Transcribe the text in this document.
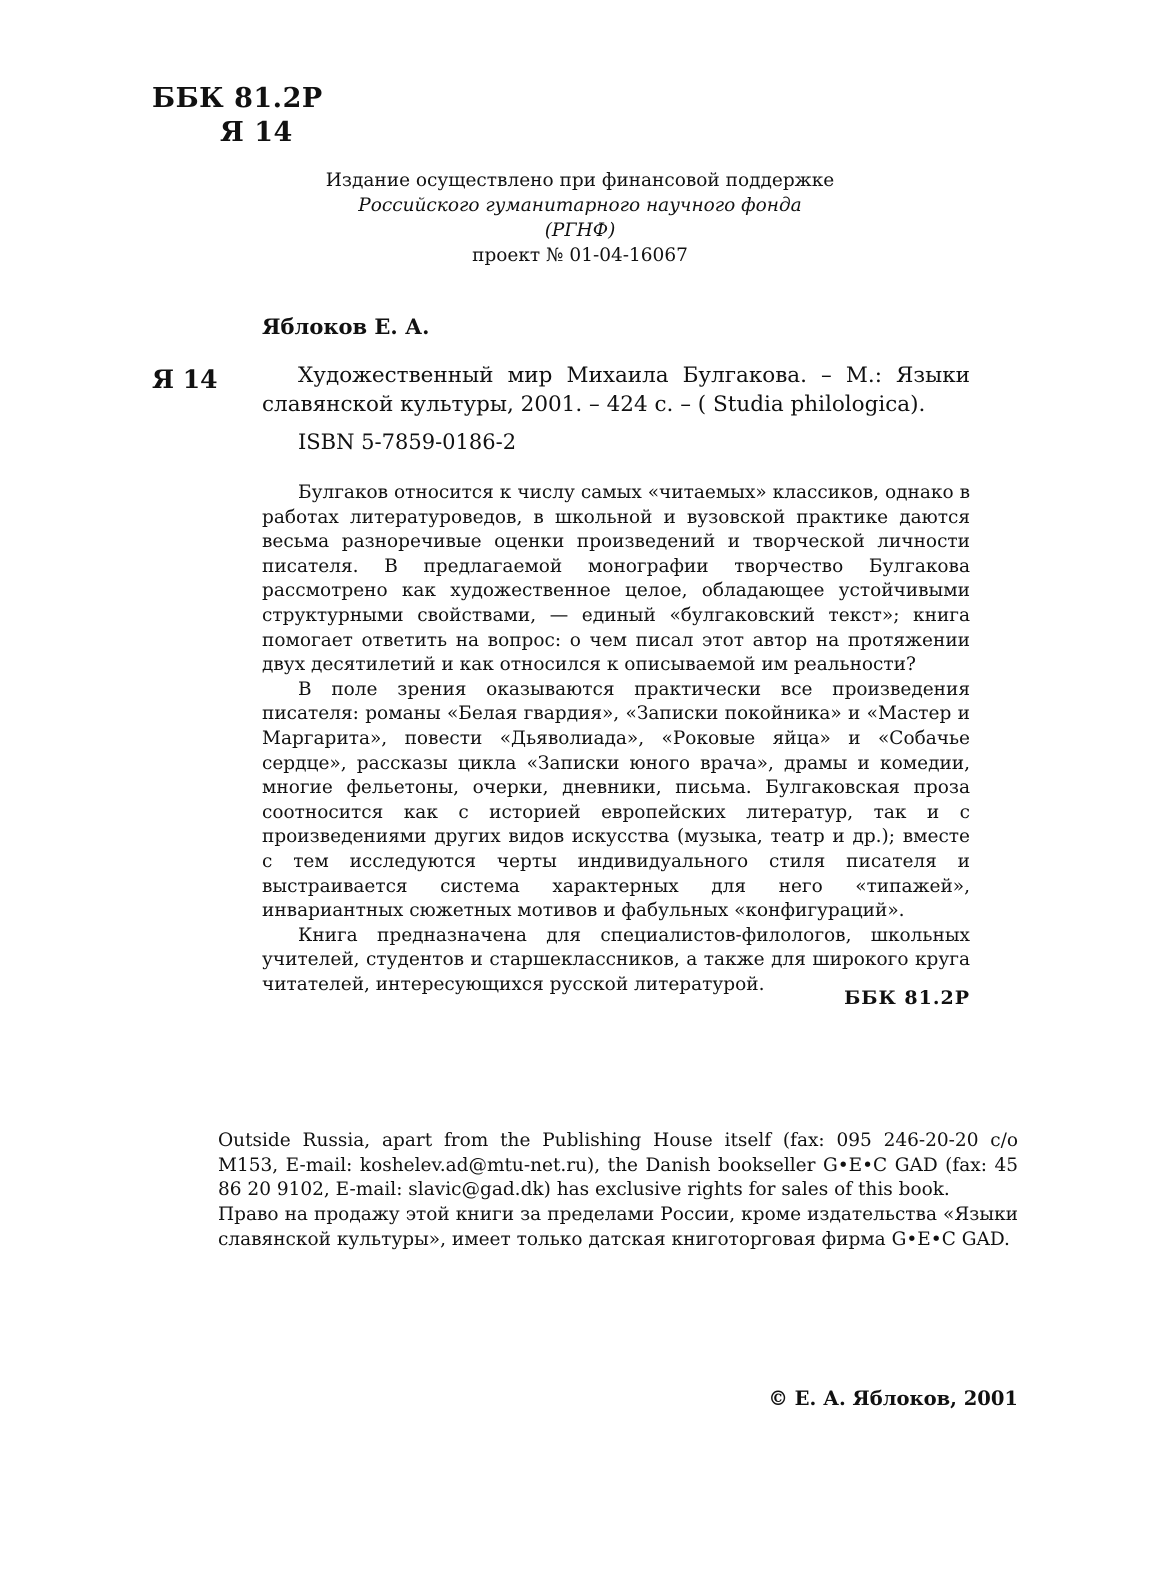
ББК 81.2Р
Я 14
Издание осуществлено при финансовой поддержке
Российского гуманитарного научного фонда
(РГНФ)
проект № 01-04-16067
Яблоков Е. А.
Я 14	Художественный мир Михаила Булгакова. – М.: Языки славянской культуры, 2001. – 424 с. – ( Studia philologica).
ISBN 5-7859-0186-2

Булгаков относится к числу самых «читаемых» классиков, однако в работах литературоведов, в школьной и вузовской практике даются весьма разноречивые оценки произведений и творческой личности писателя. В предлагаемой монографии творчество Булгакова рассмотрено как художественное целое, обладающее устойчивыми структурными свойствами, — единый «булгаковский текст»; книга помогает ответить на вопрос: о чем писал этот автор на протяжении двух десятилетий и как относился к описываемой им реальности?

В поле зрения оказываются практически все произведения писателя: романы «Белая гвардия», «Записки покойника» и «Мастер и Маргарита», повести «Дьяволиада», «Роковые яйца» и «Собачье сердце», рассказы цикла «Записки юного врача», драмы и комедии, многие фельетоны, очерки, дневники, письма. Булгаковская проза соотносится как с историей европейских литератур, так и с произведениями других видов искусства (музыка, театр и др.); вместе с тем исследуются черты индивидуального стиля писателя и выстраивается система характерных для него «типажей», инвариантных сюжетных мотивов и фабульных «конфигураций».

Книга предназначена для специалистов-филологов, школьных учителей, студентов и старшеклассников, а также для широкого круга читателей, интересующихся русской литературой.

ББК 81.2Р
Outside Russia, apart from the Publishing House itself (fax: 095 246-20-20 c/o M153, E-mail: koshelev.ad@mtu-net.ru), the Danish bookseller G•E•C GAD (fax: 45 86 20 9102, E-mail: slavic@gad.dk) has exclusive rights for sales of this book.
Право на продажу этой книги за пределами России, кроме издательства «Языки славянской культуры», имеет только датская книготорговая фирма G•E•C GAD.
© Е. А. Яблоков, 2001
